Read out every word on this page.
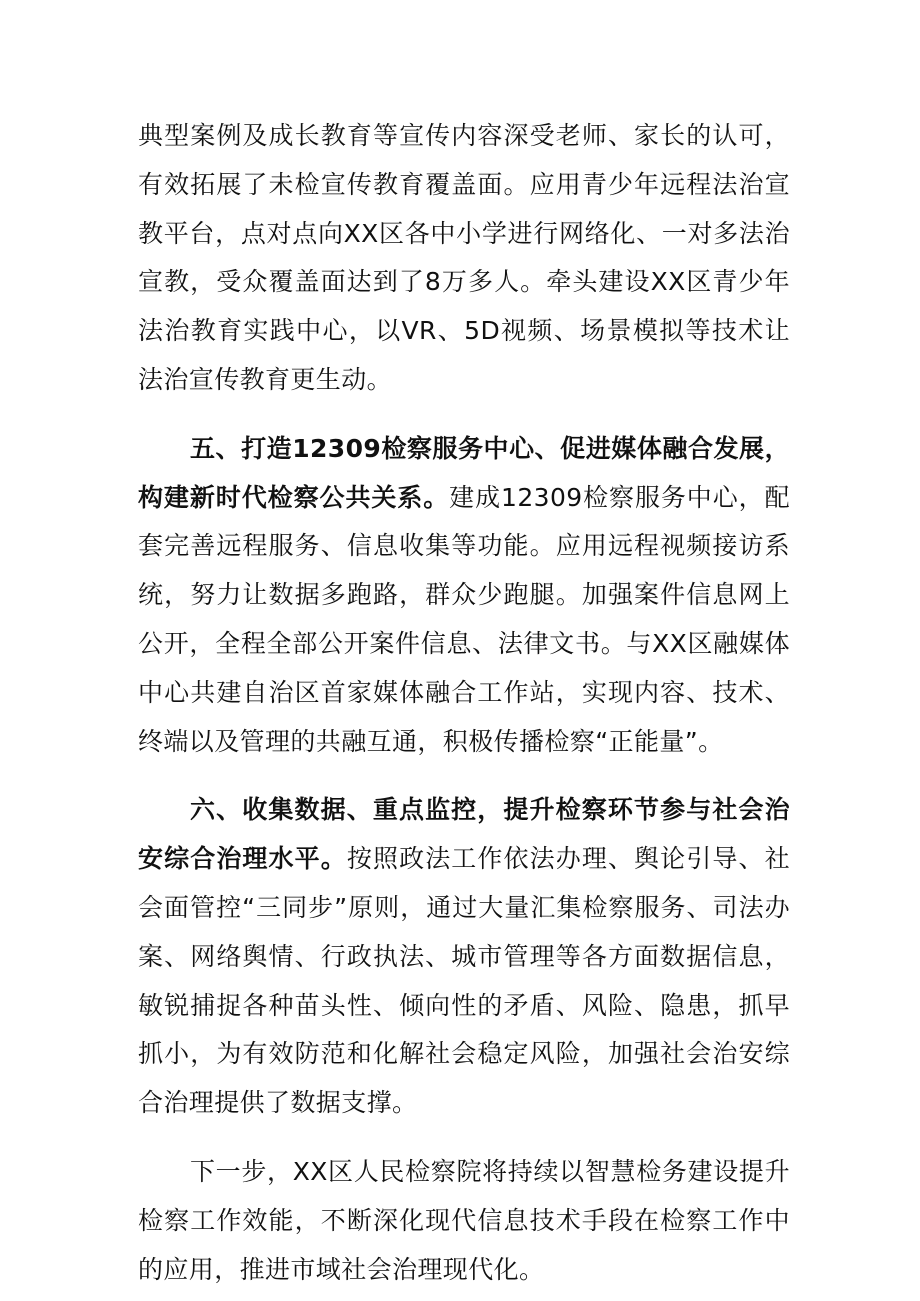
典型案例及成长教育等宣传内容深受老师、家长的认可，有效拓展了未检宣传教育覆盖面。应用青少年远程法治宣教平台，点对点向XX区各中小学进行网络化、一对多法治宣教，受众覆盖面达到了8万多人。牵头建设XX区青少年法治教育实践中心，以VR、5D视频、场景模拟等技术让法治宣传教育更生动。

五、打造12309检察服务中心、促进媒体融合发展，构建新时代检察公共关系。建成12309检察服务中心，配套完善远程服务、信息收集等功能。应用远程视频接访系统，努力让数据多跑路，群众少跑腿。加强案件信息网上公开，全程全部公开案件信息、法律文书。与XX区融媒体中心共建自治区首家媒体融合工作站，实现内容、技术、终端以及管理的共融互通，积极传播检察“正能量”。

六、收集数据、重点监控，提升检察环节参与社会治安综合治理水平。按照政法工作依法办理、舆论引导、社会面管控“三同步”原则，通过大量汇集检察服务、司法办案、网络舆情、行政执法、城市管理等各方面数据信息，敏锐捕捉各种苗头性、倾向性的矛盾、风险、隐患，抓早抓小，为有效防范和化解社会稳定风险，加强社会治安综合治理提供了数据支撑。

下一步，XX区人民检察院将持续以智慧检务建设提升检察工作效能，不断深化现代信息技术手段在检察工作中的应用，推进市域社会治理现代化。
